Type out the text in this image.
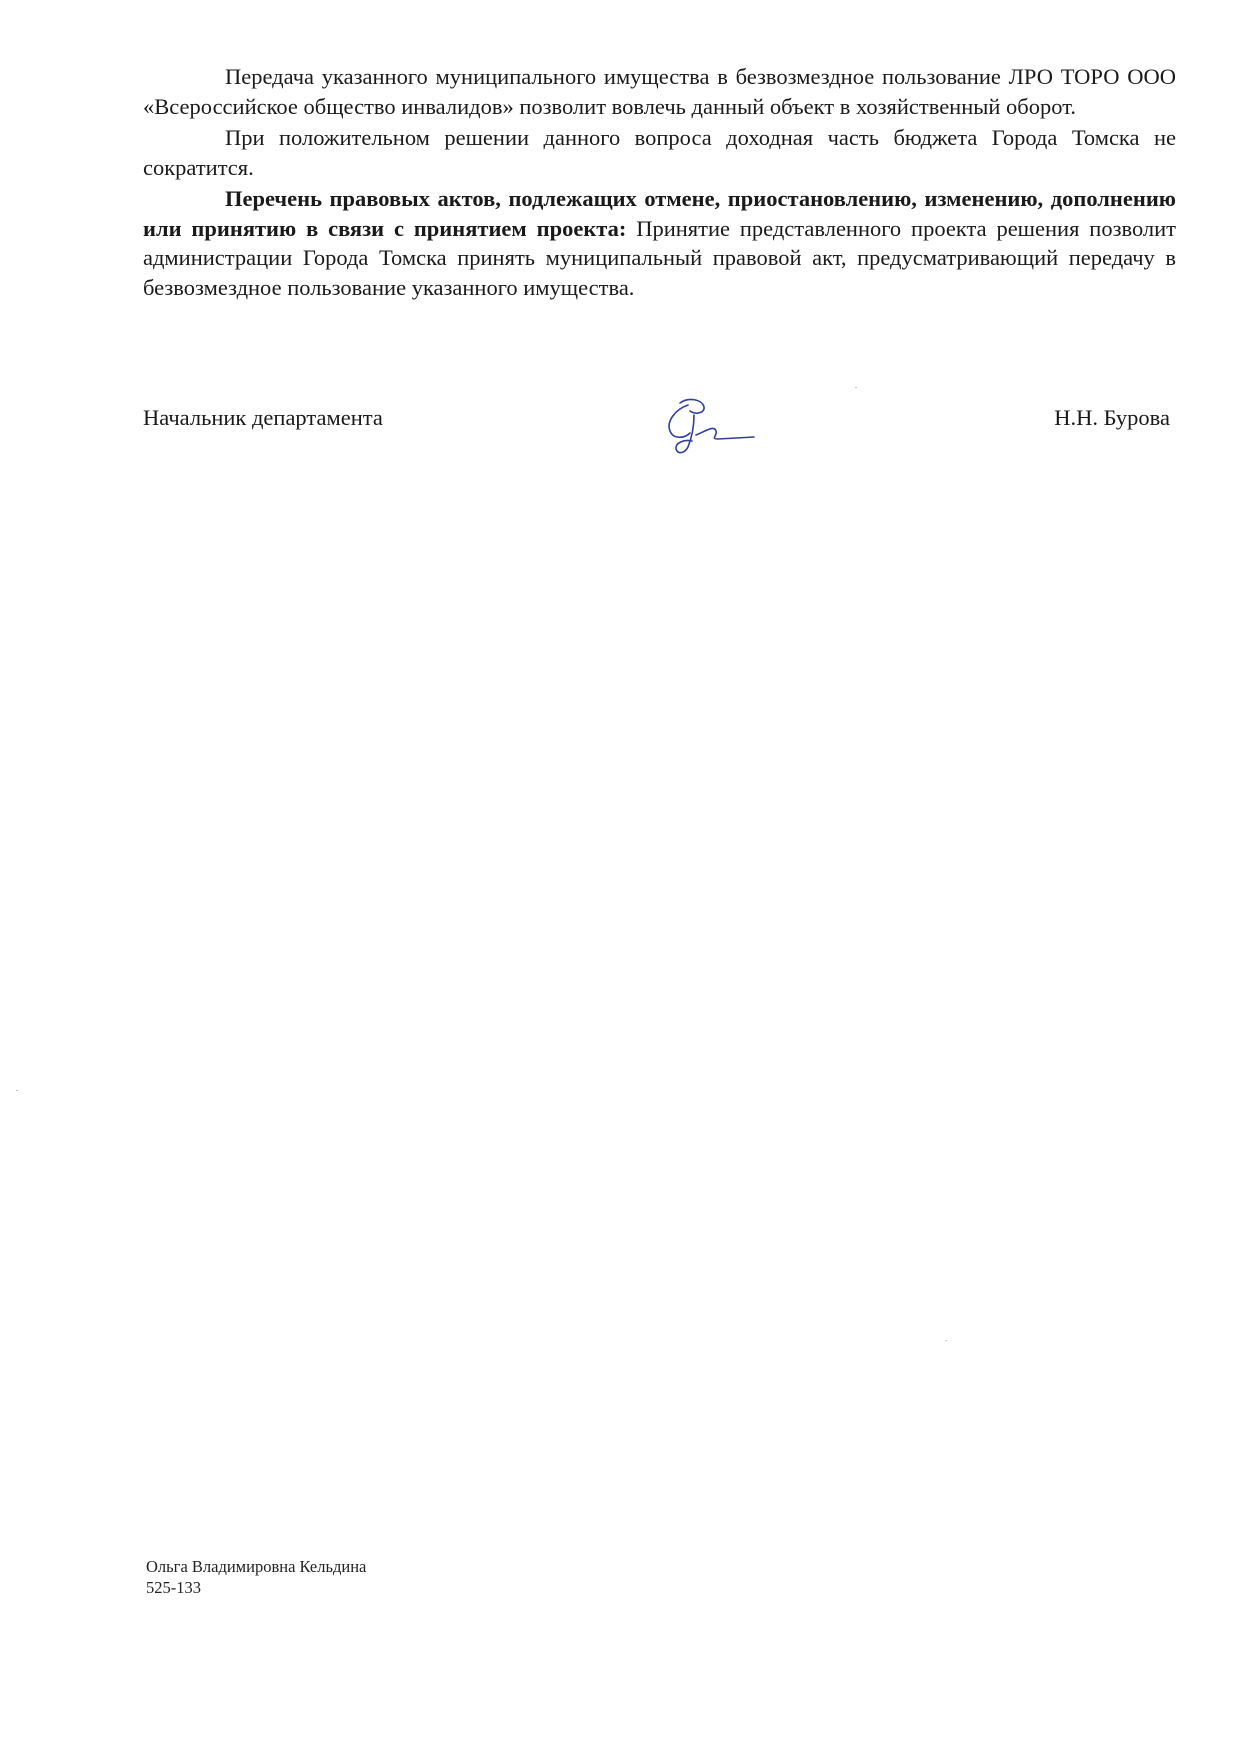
Передача указанного муниципального имущества в безвозмездное пользование ЛРО ТОРО ООО «Всероссийское общество инвалидов» позволит вовлечь данный объект в хозяйственный оборот.

При положительном решении данного вопроса доходная часть бюджета Города Томска не сократится.

Перечень правовых актов, подлежащих отмене, приостановлению, изменению, дополнению или принятию в связи с принятием проекта: Принятие представленного проекта решения позволит администрации Города Томска принять муниципальный правовой акт, предусматривающий передачу в безвозмездное пользование указанного имущества.

Начальник департамента	Н.Н. Бурова
Ольга Владимировна Кельдина
525-133
